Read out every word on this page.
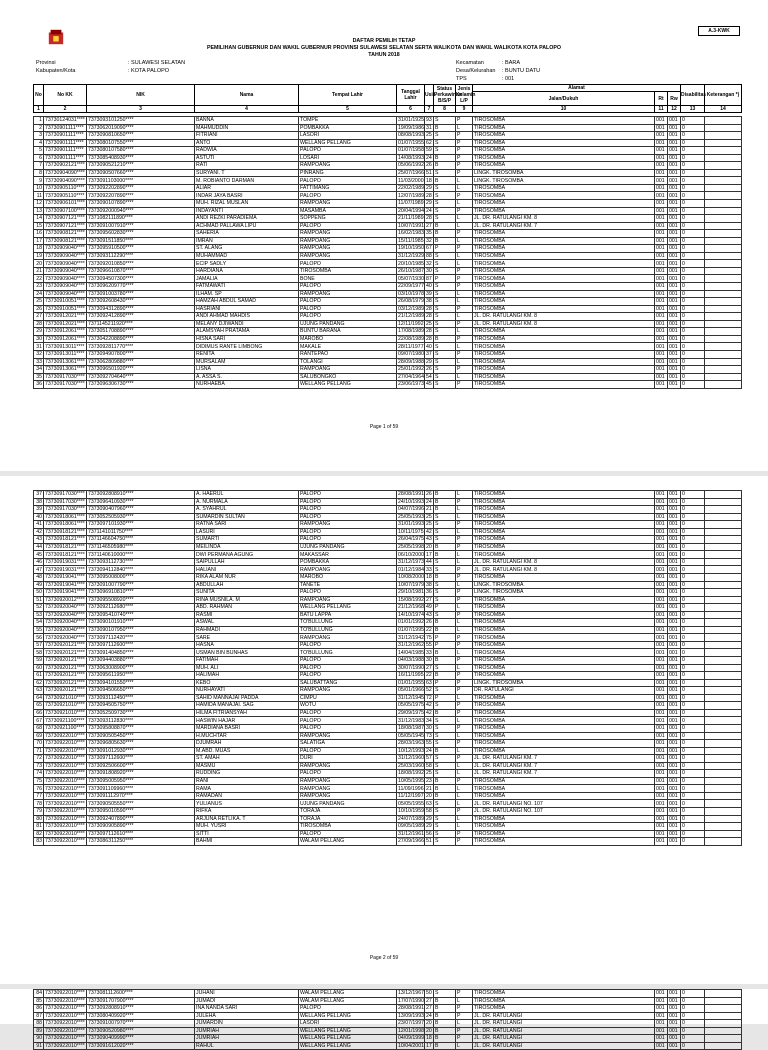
A.3-KWK
DAFTAR PEMILIH TETAP
PEMILIHAN GUBERNUR DAN WAKIL GUBERNUR PROVINSI SULAWESI SELATAN SERTA WALIKOTA DAN WAKIL WALIKOTA KOTA PALOPO
TAHUN 2018
Provinsi	: SULAWESI SELATAN
Kabupaten/Kota	: KOTA PALOPO
Kecamatan	: BARA
Desa/Kelurahan : BUNTU DATU
TPS	: 001
No	No KK	NIK	Nama	Tempat Lahir	Tanggal Lahir	Usia	Status Perkawinan B/S/P	Jenis Kelamin L/P	Alamat			Disabilitas	Keterangan *)
									Jalan/Dukuh	Rt	Rw		
1	2	3	4	5	6	7	8	9	10	11	12	13	14
1	73730124031****	7373093101250****	BANNA	TOMPE	31/01/1925	93	S	P	TIROSOMBA	001	001	0	
2	73730901111****	7373062019090****	MAHMUDDIN	POMBAKKA	19/09/1986	31	B	L	TIROSOMBA	001	001	0	
3	73730901111****	7373090810650****	FITRIANI	LASORI	08/08/1993	25	S	P	TIROSOMBA	001	001	0	
4	73730901111****	7373080107550****	ANTO	WELLANG PELLANG	01/07/1955	62	S	P	TIROSOMBA	001	001	0	
5	73730901111****	7373080107580****	RADWIA	PALOPO	01/07/1958	59	S	P	TIROSOMBA	001	001	0	
6	73730901111****	7373085408930****	ASTUTI	LOSARI	14/08/1993	24	B	P	TIROSOMBA	001	001	0	
7	73730902121****	7373090521210****	RATI	RAMPOANG	05/06/1992	26	B	P	TIROSOMBA	001	001	0	
8	73730904090****	7373090507660****	SURYANI. T	PINRANG	25/07/1966	51	S	P	LINGK. TIROSOMBA	001	001	0	
9	73730904090****	7373091103000****	M. ROBIANTO DARMAN	PALOPO	11/03/2000	18	B	L	LINGK. TIROSOMBA	001	001	0	
10	73730905110****	7373092202890****	ALIAR	FATTIMANG	22/02/1989	29	S	L	TIROSOMBA	001	001	0	
11	73730905110****	7373092207890****	INDAR JAYA BASRI	PALOPO	12/07/1989	28	S	P	TIROSOMBA	001	001	0	
12	73730906101****	7373090107890****	MUH. RIZAL MUSLAN	RAMPOANG	11/07/1989	29	S	L	TIROSOMBA	001	001	0	
13	73730907100****	7373092000940****	INDAYANTI	MASAMBA	20/04/1994	24	S	P	TIROSOMBA	001	001	0	
14	73730907121****	7371082111890****	ANDI REZKI PARADIEMA	SOPPENG	21/11/1989	28	S	L	JL. DR. RATULANGI KM. 8	001	001	0	
15	73730907121****	7373091007910****	ACHMAD PALLAWA LIPU	PALOPO	10/07/1991	27	B	L	JL. DR. RATULANGI KM. 7	001	001	0	
16	73730908121****	7373095602830****	SAHERIA	RAMPOANG	16/02/1983	35	B	P	TIROSOMBA	001	001	0	
17	73730908121****	7373091511850****	IMRAN	RAMPOANG	15/11/1985	32	B	L	TIROSOMBA	001	001	0	
18	73730909040****	7373095910500****	ST. ALANG	RAMPOANG	19/10/1950	67	P	P	TIROSOMBA	001	001	0	
19	73730909040****	7373093112290****	MUHAMMAD	RAMPOANG	31/12/1929	88	S	L	TIROSOMBA	001	001	0	
20	73730909040****	7373092010850****	ECIP SADLY	PALOPO	20/10/1985	32	S	L	TIROSOMBA	001	001	0	
21	73730909040****	7373096610870****	HARDIANA	TIROSOMBA	26/10/1987	30	S	P	TIROSOMBA	001	001	0	
22	73730909040****	7373094507300****	JAMALIA	BONE	05/07/1930	87	P	P	TIROSOMBA	001	001	0	
23	73730909040****	7373096209770****	FATMAWATI	PALOPO	22/09/1977	40	S	P	TIROSOMBA	001	001	0	
24	73730909040****	7373091003780****	ILHAM. SP	RAMPOANG	03/10/1978	39	S	L	TIROSOMBA	001	001	0	
25	73730910051****	7373092608430****	HAMZAH ABDUL SAMAD	PALOPO	26/08/1979	38	S	L	TIROSOMBA	001	001	0	
26	73730910051****	7373094312890****	HASRIANI	PALOPO	03/12/1989	28	S	P	TIROSOMBA	001	001	0	
27	73730912021****	7373092412890****	ANDI AHMAD MAHDIS	PALOPO	21/12/1989	28	S	L	JL. DR. RATULANGI KM. 8	001	001	0	
28	73730912021****	7371145211920****	MELANY DJIWANDI	UJUNG PANDANG	12/11/1992	25	S	P	JL. DR. RATULANGI KM. 8	001	001	0	
29	73730912061****	7373051708890****	ALAMSYAH PRATAMA	BUNTU BARANA	17/08/1989	28	S	L	TIROSOMBA	001	001	0	
30	73730912061****	7373042208890****	HISNA SARI	MAROBO	22/08/1989	28	B	P	TIROSOMBA	001	001	0	
31	73730913011****	7373092811770****	DIDIMUS RANTE LIMBONG	MAKALE	28/11/1977	40	S	L	TIROSOMBA	001	001	0	
32	73730913011****	7373094907800****	RENITA	RANTEPAO	09/07/1980	37	S	P	TIROSOMBA	001	001	0	
33	73730913061****	7373062809880****	MURSALAM	TOLANGI	28/09/1988	29	S	L	TIROSOMBA	001	001	0	
34	73730913061****	7373096501920****	LISNA	RAMPOANG	25/01/1992	26	S	P	TIROSOMBA	001	001	0	
35	73730917030****	7373092704640****	A. ASSA S.	SALUBONGKO	27/04/1964	54	S	L	TIROSOMBA	001	001	0	
36	73730917030****	7373096306730****	NURHAEBA	WELLANG PELLANG	23/06/1973	45	S	P	TIROSOMBA	001	001	0	
Page 1 of 59
37	73730917030****	7373092808910****	A. HAERUL	PALOPO	28/08/1991	26	B	L	TIROSOMBA	001	001	0	
38	73730917030****	7373096410930****	A. NURMALA	PALOPO	24/10/1993	24	B	P	TIROSOMBA	001	001	0	
39	73730917030****	7373090407960****	A. SYAHRUL	PALOPO	04/07/1996	21	B	L	TIROSOMBA	001	001	0	
40	73730918061****	7373052505930****	SUMARDIN SULTAN	PALOPO	25/05/1993	25	S	L	TIROSOMBA	001	001	0	
41	73730918061****	7373097101930****	RATNA SARI	RAMPOANG	31/01/1993	25	S	P	TIROSOMBA	001	001	0	
42	73730918121****	7371141011750****	LASURI	PALOPO	10/11/1975	42	S	L	TIROSOMBA	001	001	0	
43	73730918121****	7371146604750****	SUMARTI	PALOPO	26/04/1975	43	S	P	TIROSOMBA	001	001	0	
44	73730918121****	7371146505980****	MEILINDA	UJUNG PANDANG	25/05/1998	20	B	P	TIROSOMBA	001	001	0	
45	73730918121****	7371140610000****	DWI PERMANA AGUNG	MAKASSAR	06/10/2000	17	B	L	TIROSOMBA	001	001	0	
46	73730919031****	7373093112730****	SAIPULLAH	POMBAKKA	31/12/1973	44	S	L	JL. DR. RATULANGI KM. 8	001	001	0	
47	73730919031****	7373094112840****	HALIANI	RAMPOANG	01/12/1984	33	S	P	JL. DR. RATULANGI KM. 8	001	001	0	
48	73730919041****	7373095008000****	RIKA ALAM NUR	MAROBO	10/08/2000	18	B	P	TIROSOMBA	001	001	0	
49	73730919041****	7373091007790****	ABDULLAH	TANETE	10/07/1979	38	S	L	LINGK. TIROSOMBA	001	001	0	
50	73730919041****	7373096910810****	SUNITA	PALOPO	29/10/1981	36	S	P	LINGK. TIROSOMBA	001	001	0	
51	73730920012****	7373095508920****	RINA MUSNILA. M	RAMPOANG	15/08/1992	27	S	P	TIROSOMBA	001	001	0	
52	73730920040****	7373092112680****	ABD. RAHMAN	WELLANG PELLANG	21/12/1968	49	P	L	TIROSOMBA	001	001	0	
53	73730920040****	7373095410740****	RASMI	BATU LAPPA	14/10/1974	43	S	P	TIROSOMBA	001	001	0	
54	73730920040****	7373090101910****	ASWAL	TO'BULLUNG	01/01/1992	26	B	L	TIROSOMBA	001	001	0	
55	73730920040****	7373090107950****	RAHMADI	TO'BULLUNG	01/07/1995	22	B	L	TIROSOMBA	001	001	0	
56	73730920040****	7373097112420****	SARE	RAMPOANG	31/12/1942	75	P	P	TIROSOMBA	001	001	0	
57	73730920121****	7373097112600****	HASNA	PALOPO	31/12/1962	55	P	P	TIROSOMBA	001	001	0	
58	73730920121****	7373091404850****	USMAN BIN BUNHAS	TO'BULLUNG	14/04/1985	33	B	L	TIROSOMBA	001	001	0	
59	73730920121****	7373094403880****	FATIMAH	PALOPO	04/03/1988	30	B	P	TIROSOMBA	001	001	0	
60	73730920121****	7373063008900****	MUH. ALI	PALOPO	30/07/1990	27	S	L	TIROSOMBA	001	001	0	
61	73730920121****	7373095611950****	HALIMAH	PALOPO	16/11/1995	22	B	P	TIROSOMBA	001	001	0	
62	73730920121****	7373094101550****	KEBO	SALUBATTANG	01/01/1955	63	P	P	LINGK. TIROSOMBA	001	001	0	
63	73730920121****	7373094506650****	NURHAYATI	RAMPOANG	05/01/1966	52	S	P	DR. RATULANGI	001	001	0	
64	73730921010****	7373093112450****	SAHID MANNAJAI PADDA	CIMPU	31/12/1945	72	P	L	TIROSOMBA	001	001	0	
65	73730921010****	7373094505750****	HAMIDA MANAJAI. SAG	WOTU	05/05/1975	42	S	P	TIROSOMBA	001	001	0	
66	73730921010****	7373052509730****	HILMA FITRIANSYAH	PALOPO	29/09/1975	42	B	P	TIROSOMBA	001	001	0	
67	73730921100****	7373093112830****	HASWIN HAJAR	PALOPO	31/12/1983	34	S	L	TIROSOMBA	001	001	0	
68	73730921100****	7373095808870****	MARDIANA BASRI	PALOPO	18/08/1987	30	S	P	TIROSOMBA	001	001	0	
69	73730922010****	7373090505450****	H.MUCHTAR	RAMPOANG	05/05/1945	73	S	L	TIROSOMBA	001	001	0	
70	73730922010****	7373096805630****	DJUMRAH	SALATIGA	28/03/1963	55	S	P	TIROSOMBA	001	001	0	
71	73730922010****	7373091012930****	M.ABD. MUAS	PALOPO	10/12/1993	24	B	L	TIROSOMBA	001	001	0	
72	73730922010****	7373097112600****	ST. AMAH	DURI	31/12/1960	57	S	P	JL. DR. RATULANGI KM. 7	001	001	0	
73	73730922010****	7373092506600****	MASMU	RAMPOANG	25/03/1960	58	S	L	JL. DR. RATULANGI KM. 7	001	001	0	
74	73730922010****	7373091808920****	RUDDING	PALOPO	18/08/1992	25	S	L	JL. DR. RATULANGI KM. 7	001	001	0	
75	73730922010****	7373095005950****	RANI	RAMPOANG	10/05/1995	23	B	P	TIROSOMBA	001	001	0	
76	73730922010****	7373091109960****	RAMA	RAMPOANG	11/09/1996	21	B	L	TIROSOMBA	001	001	0	
77	73730922010****	7373091112970****	RAMADAN	RAMPOANG	11/12/1997	20	B	L	TIROSOMBA	001	001	0	
78	73730922010****	7373090505550****	YULIANUS	UJUNG PANDANG	05/05/1955	63	S	L	JL. DR. RATULANGI NO. 107	001	001	0	
79	73730922010****	7373095010590****	RIFKA	TORAJA	10/10/1959	58	S	P	JL. DR. RATULANGI NO. 107	001	001	0	
80	73730922010****	7373092407890****	ARJUNA RETLIKA. T	TORAJA	24/07/1989	29	S	L	TIROSOMBA	001	001	0	
81	73730922010****	7373090905890****	MUH. YUSRI	TIROSOMBA	09/05/1989	29	S	L	TIROSOMBA	001	001	0	
82	73730922010****	7373097112610****	SITTI	PALOPO	31/12/1961	56	S	P	TIROSOMBA	001	001	0	
83	73730922010****	7373086311250****	BAHMI	WALAM PELLANG	27/09/1966	51	S	P	TIROSOMBA	001	001	0	
Page 2 of 59
84	73730922010****	7373081112600****	JUHANI	WALAM PELLANG	13/12/1967	50	S	P	TIROSOMBA	001	001	0	
85	73730922010****	7373091707900****	JUMADI	WALAM PELLANG	17/07/1990	27	B	L	TIROSOMBA	001	001	0	
86	73730922010****	7373092808910****	INA NANDA SARI	PALOPO	28/08/1991	27	B	P	TIROSOMBA	001	001	0	
87	73730922010****	7373080409920****	JULEHA	WELLANG PELLANG	13/09/1993	24	B	P	JL. DR. RATULANGI	001	001	0	
88	73730922010****	7373091007970****	JUMARDIN	LASORI	23/07/1997	20	B	L	JL. DR. RATULANGI	001	001	0	
89	73730922010****	7373090520980****	JUMRIAH	WELLANG PELLANG	12/01/1998	20	B	P	JL. DR. RATULANGI	001	001	0	
90	73730922010****	7373090409990****	JUMRIAH	WELLANG PELLANG	04/09/1999	18	B	P	JL. DR. RATULANGI	001	001	0	
91	73730922010****	7373091612020****	RAHUL	WELLANG PELLANG	10/04/2001	17	B	L	JL. DR. RATULANGI	001	001	0	
